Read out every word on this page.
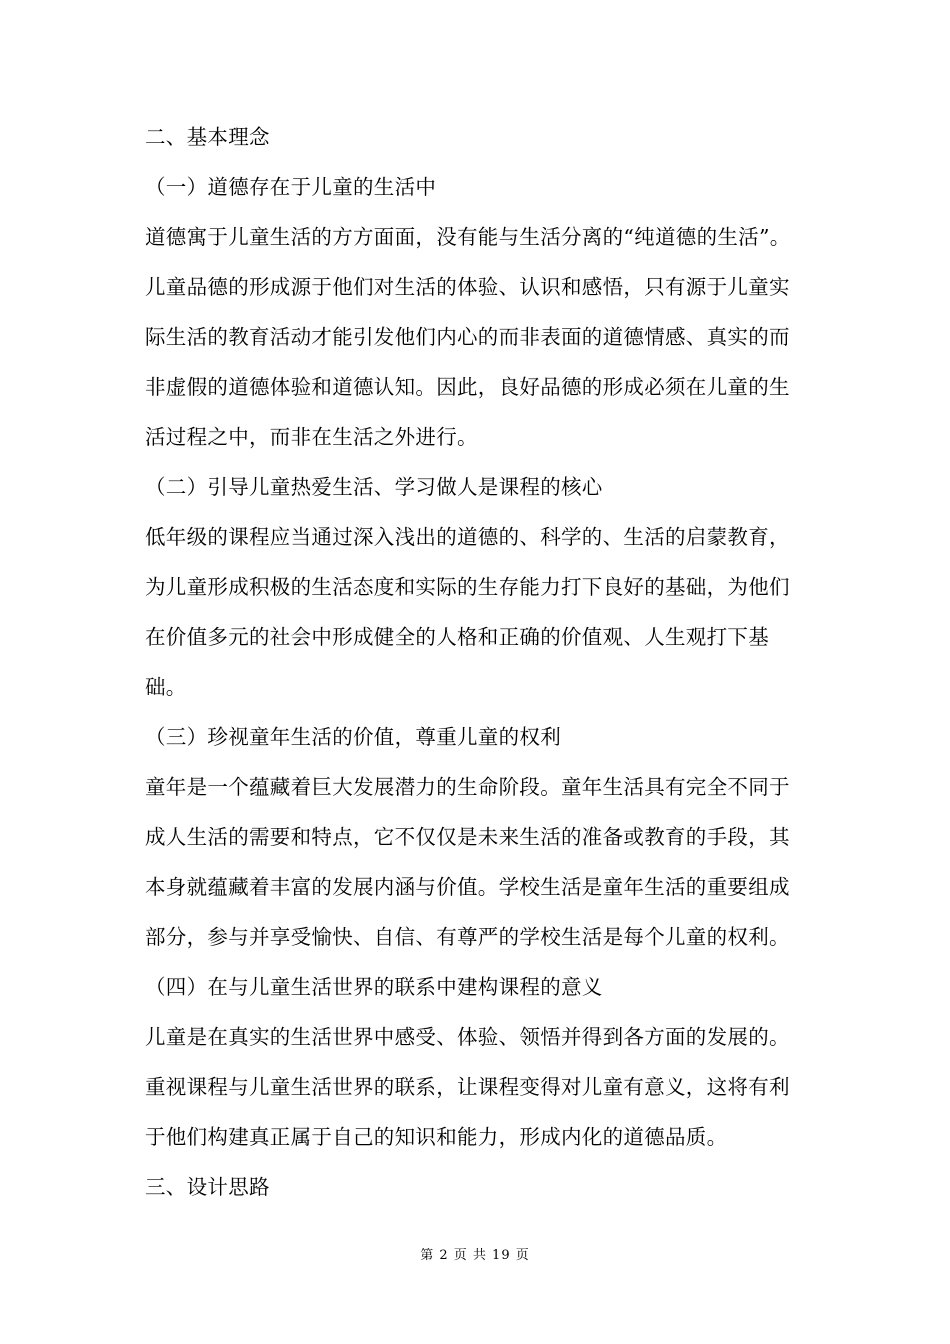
二、基本理念
（一）道德存在于儿童的生活中
道德寓于儿童生活的方方面面，没有能与生活分离的“纯道德的生活”。
儿童品德的形成源于他们对生活的体验、认识和感悟，只有源于儿童实
际生活的教育活动才能引发他们内心的而非表面的道德情感、真实的而
非虚假的道德体验和道德认知。因此，良好品德的形成必须在儿童的生
活过程之中，而非在生活之外进行。
（二）引导儿童热爱生活、学习做人是课程的核心
低年级的课程应当通过深入浅出的道德的、科学的、生活的启蒙教育，
为儿童形成积极的生活态度和实际的生存能力打下良好的基础，为他们
在价值多元的社会中形成健全的人格和正确的价值观、人生观打下基
础。
（三）珍视童年生活的价值，尊重儿童的权利
童年是一个蕴藏着巨大发展潜力的生命阶段。童年生活具有完全不同于
成人生活的需要和特点，它不仅仅是未来生活的准备或教育的手段，其
本身就蕴藏着丰富的发展内涵与价值。学校生活是童年生活的重要组成
部分，参与并享受愉快、自信、有尊严的学校生活是每个儿童的权利。
（四）在与儿童生活世界的联系中建构课程的意义
儿童是在真实的生活世界中感受、体验、领悟并得到各方面的发展的。
重视课程与儿童生活世界的联系，让课程变得对儿童有意义，这将有利
于他们构建真正属于自己的知识和能力，形成内化的道德品质。
三、设计思路
第 2 页 共 19 页
